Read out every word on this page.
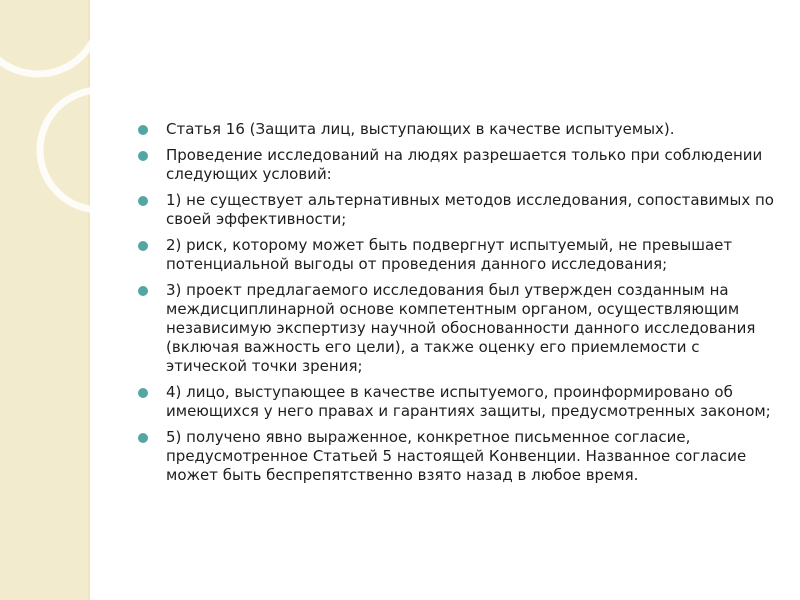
Статья 16 (Защита лиц, выступающих в качестве испытуемых).
Проведение исследований на людях разрешается только при соблюдении следующих условий:
1) не существует альтернативных методов исследования, сопоставимых по своей эффективности;
2) риск, которому может быть подвергнут испытуемый, не превышает потенциальной выгоды от проведения данного исследования;
3) проект предлагаемого исследования был утвержден созданным на междисциплинарной основе компетентным органом, осуществляющим независимую экспертизу научной обоснованности данного исследования (включая важность его цели), а также оценку его приемлемости с этической точки зрения;
4) лицо, выступающее в качестве испытуемого, проинформировано об имеющихся у него правах и гарантиях защиты, предусмотренных законом;
5) получено явно выраженное, конкретное письменное согласие, предусмотренное Статьей 5 настоящей Конвенции. Названное согласие может быть беспрепятственно взято назад в любое время.
